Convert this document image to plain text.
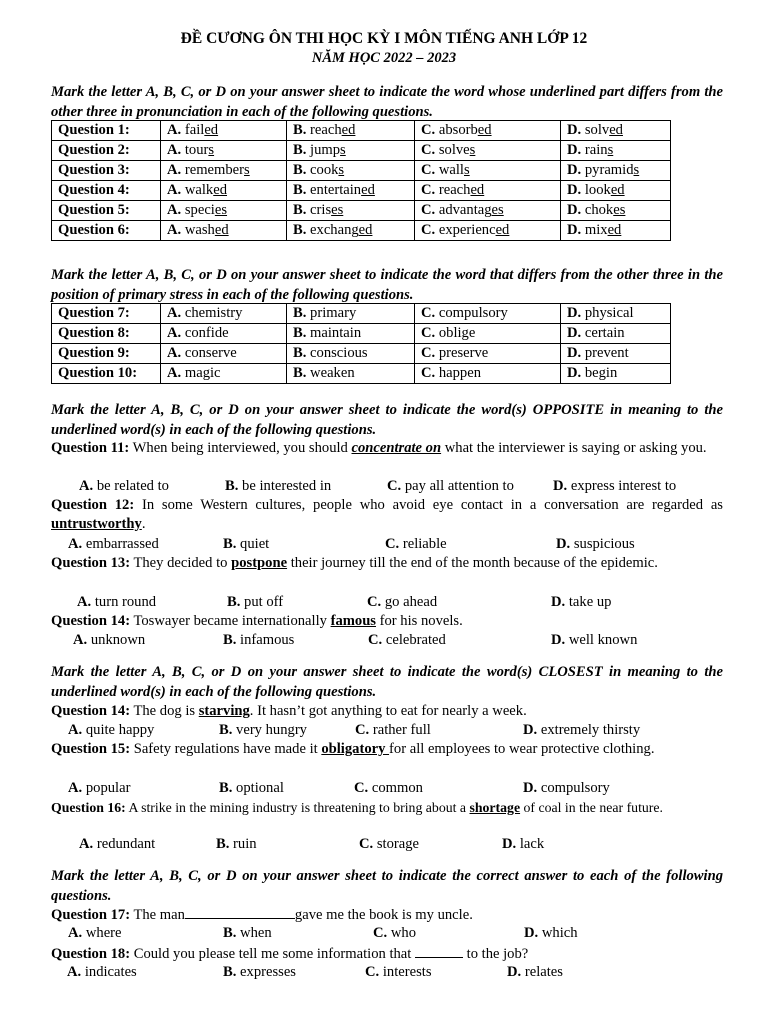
ĐỀ CƯƠNG ÔN THI HỌC KỲ I MÔN TIẾNG ANH LỚP 12
NĂM HỌC 2022 – 2023
Mark the letter A, B, C, or D on your answer sheet to indicate the word whose underlined part differs from the other three in pronunciation in each of the following questions.
Question 1:	A. failed	B. reached	C. absorbed	D. solved
Question 2:	A. tours	B. jumps	C. solves	D. rains
Question 3:	A. remembers	B. cooks	C. walls	D. pyramids
Question 4:	A. walked	B. entertained	C. reached	D. looked
Question 5:	A. species	B. crises	C. advantages	D. chokes
Question 6:	A. washed	B. exchanged	C. experienced	D. mixed
Mark the letter A, B, C, or D on your answer sheet to indicate the word that differs from the other three in the position of primary stress in each of the following questions.
Question 7:	A. chemistry	B. primary	C. compulsory	D. physical
Question 8:	A. confide	B. maintain	C. oblige	D. certain
Question 9:	A. conserve	B. conscious	C. preserve	D. prevent
Question 10:	A. magic	B. weaken	C. happen	D. begin
Mark the letter A, B, C, or D on your answer sheet to indicate the word(s) OPPOSITE in meaning to the underlined word(s) in each of the following questions.
Question 11: When being interviewed, you should concentrate on what the interviewer is saying or asking you.
A. be related to	B. be interested in	C. pay all attention to	D. express interest to
Question 12: In some Western cultures, people who avoid eye contact in a conversation are regarded as untrustworthy.
A. embarrassed	B. quiet	C. reliable	D. suspicious
Question 13: They decided to postpone their journey till the end of the month because of the epidemic.
A. turn round	B. put off	C. go ahead	D. take up
Question 14: Toswayer became internationally famous for his novels.
A. unknown	B. infamous	C. celebrated	D. well known
Mark the letter A, B, C, or D on your answer sheet to indicate the word(s) CLOSEST in meaning to the underlined word(s) in each of the following questions.
Question 14: The dog is starving. It hasn’t got anything to eat for nearly a week.
A. quite happy	B. very hungry	C. rather full	D. extremely thirsty
Question 15: Safety regulations have made it obligatory for all employees to wear protective clothing.
A. popular	B. optional	C. common	D. compulsory
Question 16: A strike in the mining industry is threatening to bring about a shortage of coal in the near future.
A. redundant	B. ruin	C. storage	D. lack
Mark the letter A, B, C, or D on your answer sheet to indicate the correct answer to each of the following questions.
Question 17: The man	gave me the book is my uncle.
A. where	B. when	C. who	D. which
Question 18: Could you please tell me some information that	to the job?
A. indicates	B. expresses	C. interests	D. relates
